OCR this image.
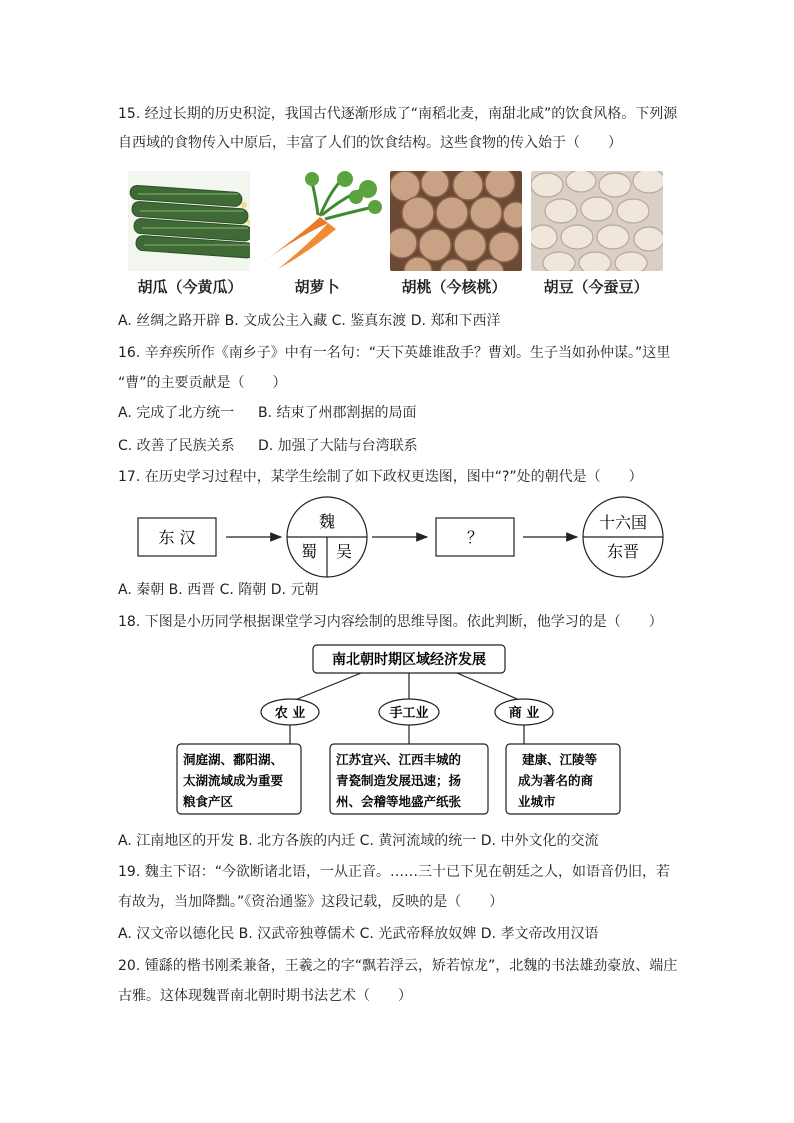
15. 经过长期的历史积淀，我国古代逐渐形成了“南稻北麦，南甜北咸”的饮食风格。下列源
自西域的食物传入中原后，丰富了人们的饮食结构。这些食物的传入始于（　　）
胡瓜（今黄瓜）	胡萝卜	胡桃（今核桃）	胡豆（今蚕豆）
A. 丝绸之路开辟 B. 文成公主入藏 C. 鉴真东渡 D. 郑和下西洋
16. 辛弃疾所作《南乡子》中有一名句：“天下英雄谁敌手？曹刘。生子当如孙仲谋。”这里
“曹”的主要贡献是（　　）
A. 完成了北方统一 B. 结束了州郡割据的局面
C. 改善了民族关系 D. 加强了大陆与台湾联系
17. 在历史学习过程中，某学生绘制了如下政权更迭图，图中“?”处的朝代是（　　）
东 汉
魏
蜀 吴
？
十六国
东晋
A. 秦朝 B. 西晋 C. 隋朝 D. 元朝
18. 下图是小历同学根据课堂学习内容绘制的思维导图。依此判断，他学习的是（　　）
南北朝时期区域经济发展
农 业	手工业	商 业
洞庭湖、鄱阳湖、
太湖流域成为重要
粮食产区
江苏宜兴、江西丰城的
青瓷制造发展迅速；扬
州、会稽等地盛产纸张
建康、江陵等
成为著名的商
业城市
A. 江南地区的开发 B. 北方各族的内迁 C. 黄河流域的统一 D. 中外文化的交流
19. 魏主下诏：“今欲断诸北语，一从正音。……三十已下见在朝廷之人，如语音仍旧，若
有故为，当加降黜。”《资治通鉴》这段记载，反映的是（　　）
A. 汉文帝以德化民 B. 汉武帝独尊儒术 C. 光武帝释放奴婢 D. 孝文帝改用汉语
20. 锺繇的楷书刚柔兼备，王羲之的字“飘若浮云，矫若惊龙”，北魏的书法雄劲豪放、端庄
古雅。这体现魏晋南北朝时期书法艺术（　　）
